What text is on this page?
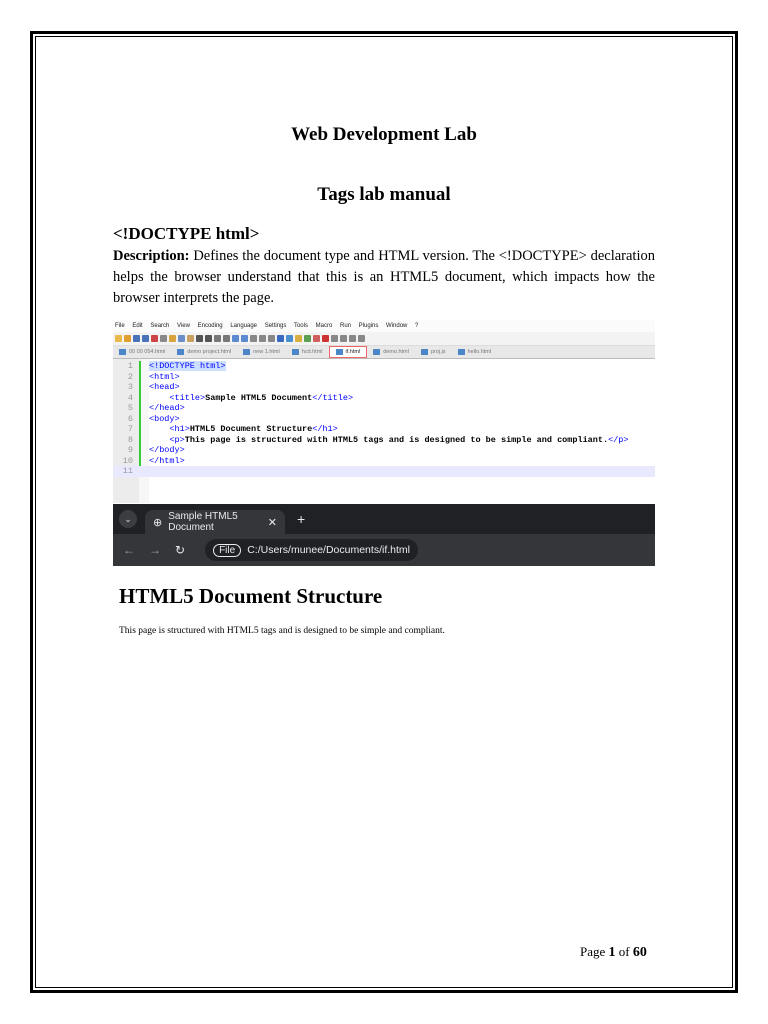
Web Development Lab
Tags lab manual
<!DOCTYPE html>
Description: Defines the document type and HTML version. The <!DOCTYPE> declaration helps the browser understand that this is an HTML5 document, which impacts how the browser interprets the page.
File Edit Search View Encoding Language Settings Tools Macro Run Plugins Window ?
00 00 054.html	demo project.html	new 1.html	hcd.html	if.html	demo.html	proj.js	hello.html
1 <!DOCTYPE html>
2 <html>
3 <head>
4	<title>Sample HTML5 Document</title>
5 </head>
6 <body>
7	<h1>HTML5 Document Structure</h1>
8	<p>This page is structured with HTML5 tags and is designed to be simple and compliant.</p>
9 </body>
10 </html>
11
⌄	⊕ Sample HTML5 Document	✕ +
← → ↻	File	C:/Users/munee/Documents/if.html
HTML5 Document Structure
This page is structured with HTML5 tags and is designed to be simple and compliant.
Page 1 of 60
